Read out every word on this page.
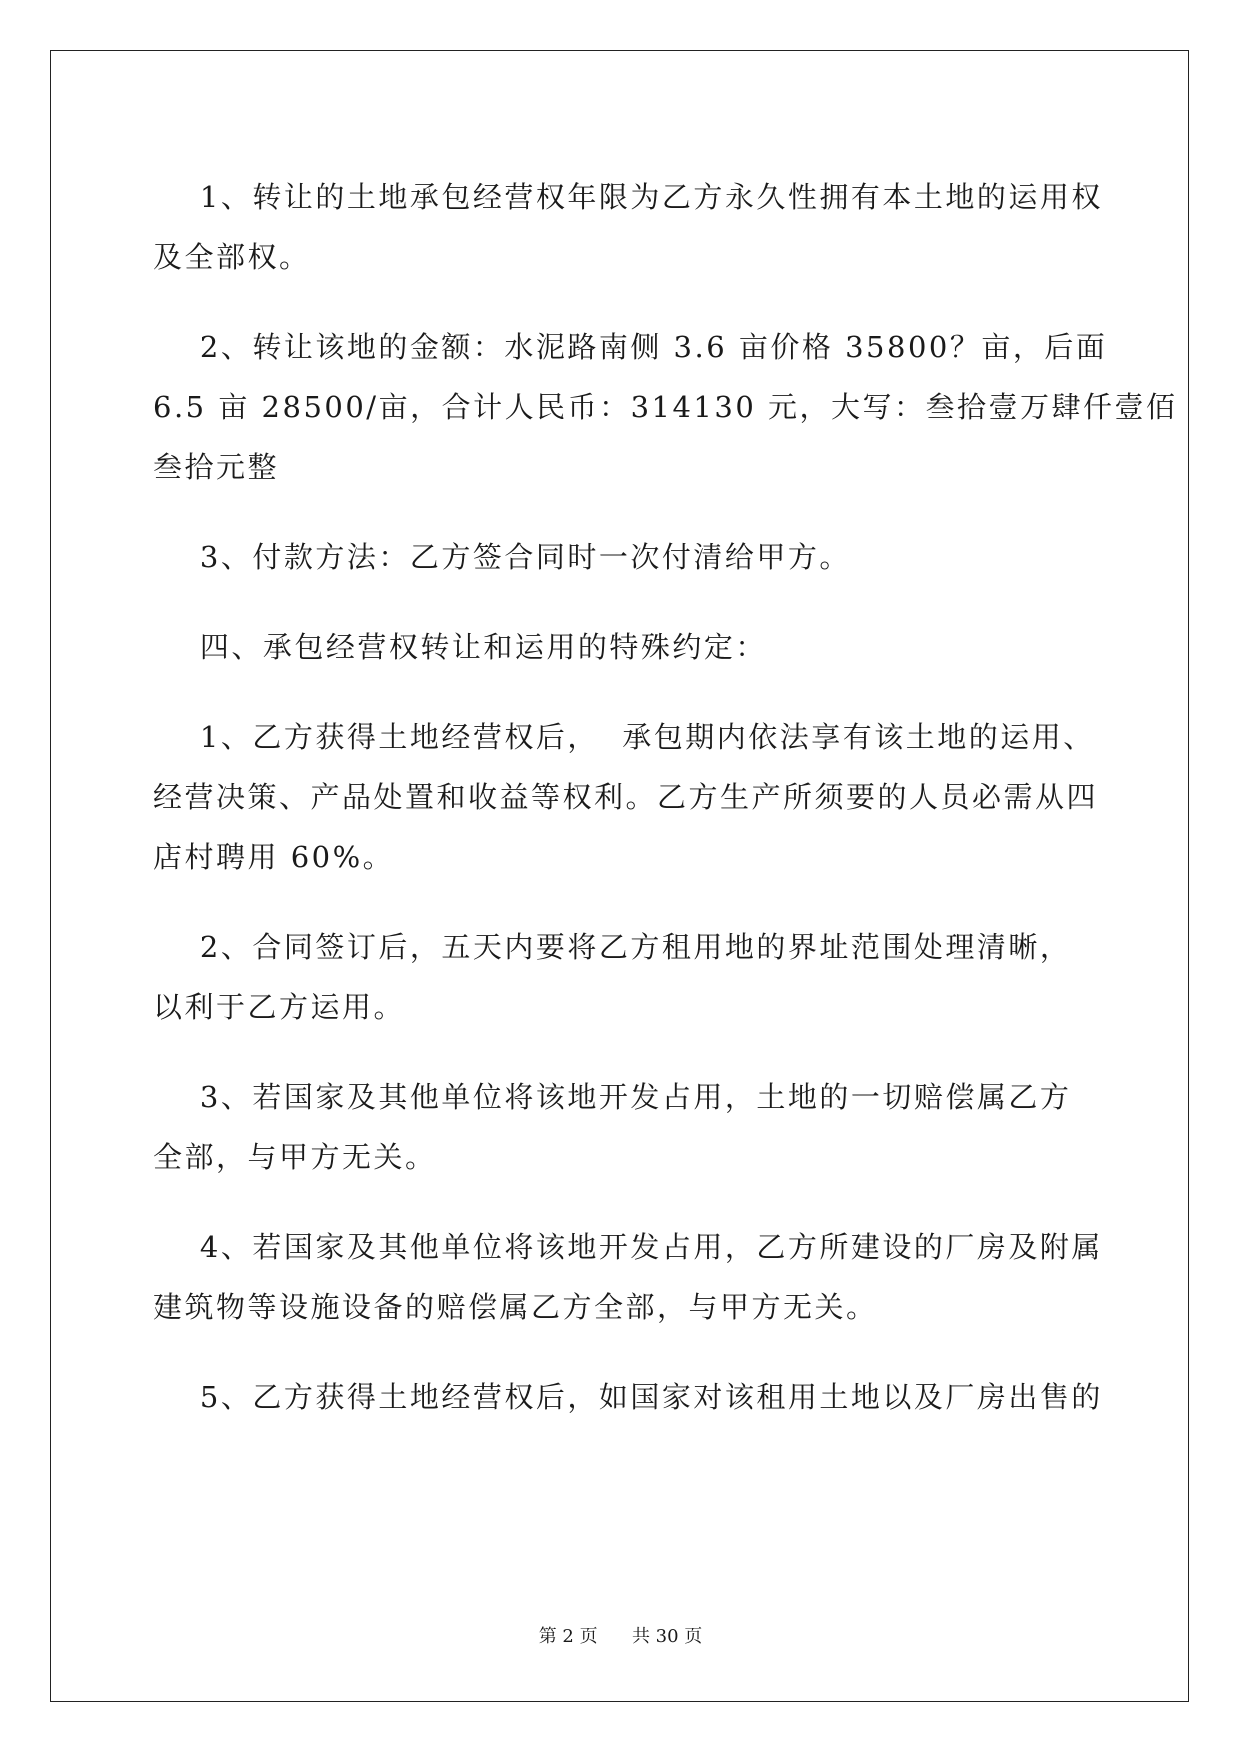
1、转让的土地承包经营权年限为乙方永久性拥有本土地的运用权

及全部权。

2、转让该地的金额：水泥路南侧 3.6 亩价格 35800？亩，后面

6.5 亩 28500/亩，合计人民币：314130 元，大写：叁拾壹万肆仟壹佰

叁拾元整

3、付款方法：乙方签合同时一次付清给甲方。

四、承包经营权转让和运用的特殊约定：

1、乙方获得土地经营权后，  承包期内依法享有该土地的运用、

经营决策、产品处置和收益等权利。乙方生产所须要的人员必需从四

店村聘用 60%。

2、合同签订后，五天内要将乙方租用地的界址范围处理清晰，

以利于乙方运用。

3、若国家及其他单位将该地开发占用，土地的一切赔偿属乙方

全部，与甲方无关。

4、若国家及其他单位将该地开发占用，乙方所建设的厂房及附属

建筑物等设施设备的赔偿属乙方全部，与甲方无关。

5、乙方获得土地经营权后，如国家对该租用土地以及厂房出售的

第 2 页 共 30 页
